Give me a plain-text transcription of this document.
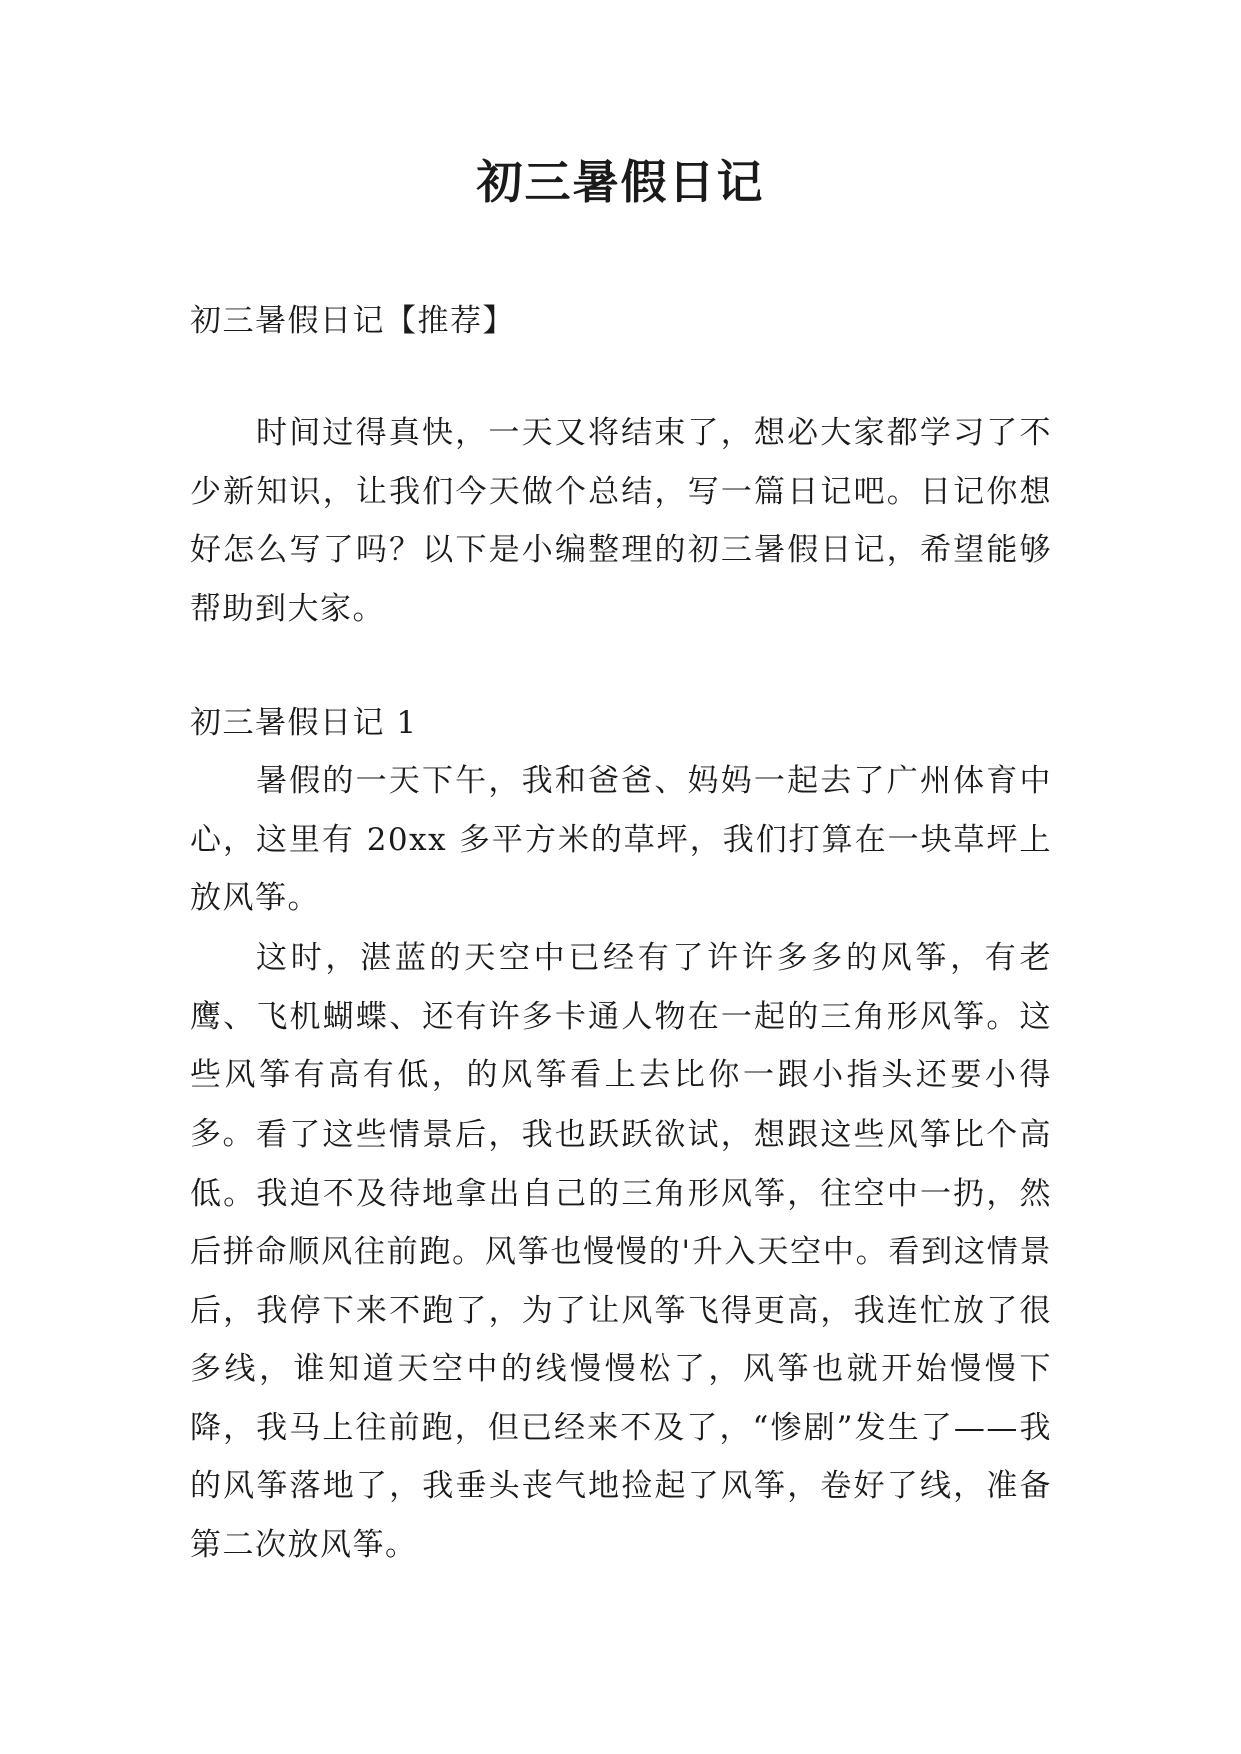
初三暑假日记

初三暑假日记【推荐】

时间过得真快，一天又将结束了，想必大家都学习了不少新知识，让我们今天做个总结，写一篇日记吧。日记你想好怎么写了吗？以下是小编整理的初三暑假日记，希望能够帮助到大家。

初三暑假日记 1

暑假的一天下午，我和爸爸、妈妈一起去了广州体育中心，这里有 20xx 多平方米的草坪，我们打算在一块草坪上放风筝。

这时，湛蓝的天空中已经有了许许多多的风筝，有老鹰、飞机蝴蝶、还有许多卡通人物在一起的三角形风筝。这些风筝有高有低，的风筝看上去比你一跟小指头还要小得多。 看了这些情景后，我也跃跃欲试，想跟这些风筝比个高低。我迫不及待地拿出自己的三角形风筝，往空中一扔，然后拼命顺风往前跑。风筝也慢慢的'升入天空中。看到这情景后，我停下来不跑了，为了让风筝飞得更高，我连忙放了很多线，谁知道天空中的线慢慢松了，风筝也就开始慢慢下降，我马上往前跑，但已经来不及了，“惨剧”发生了——我的风筝落地了，我垂头丧气地捡起了风筝，卷好了线，准备第二次放风筝。
